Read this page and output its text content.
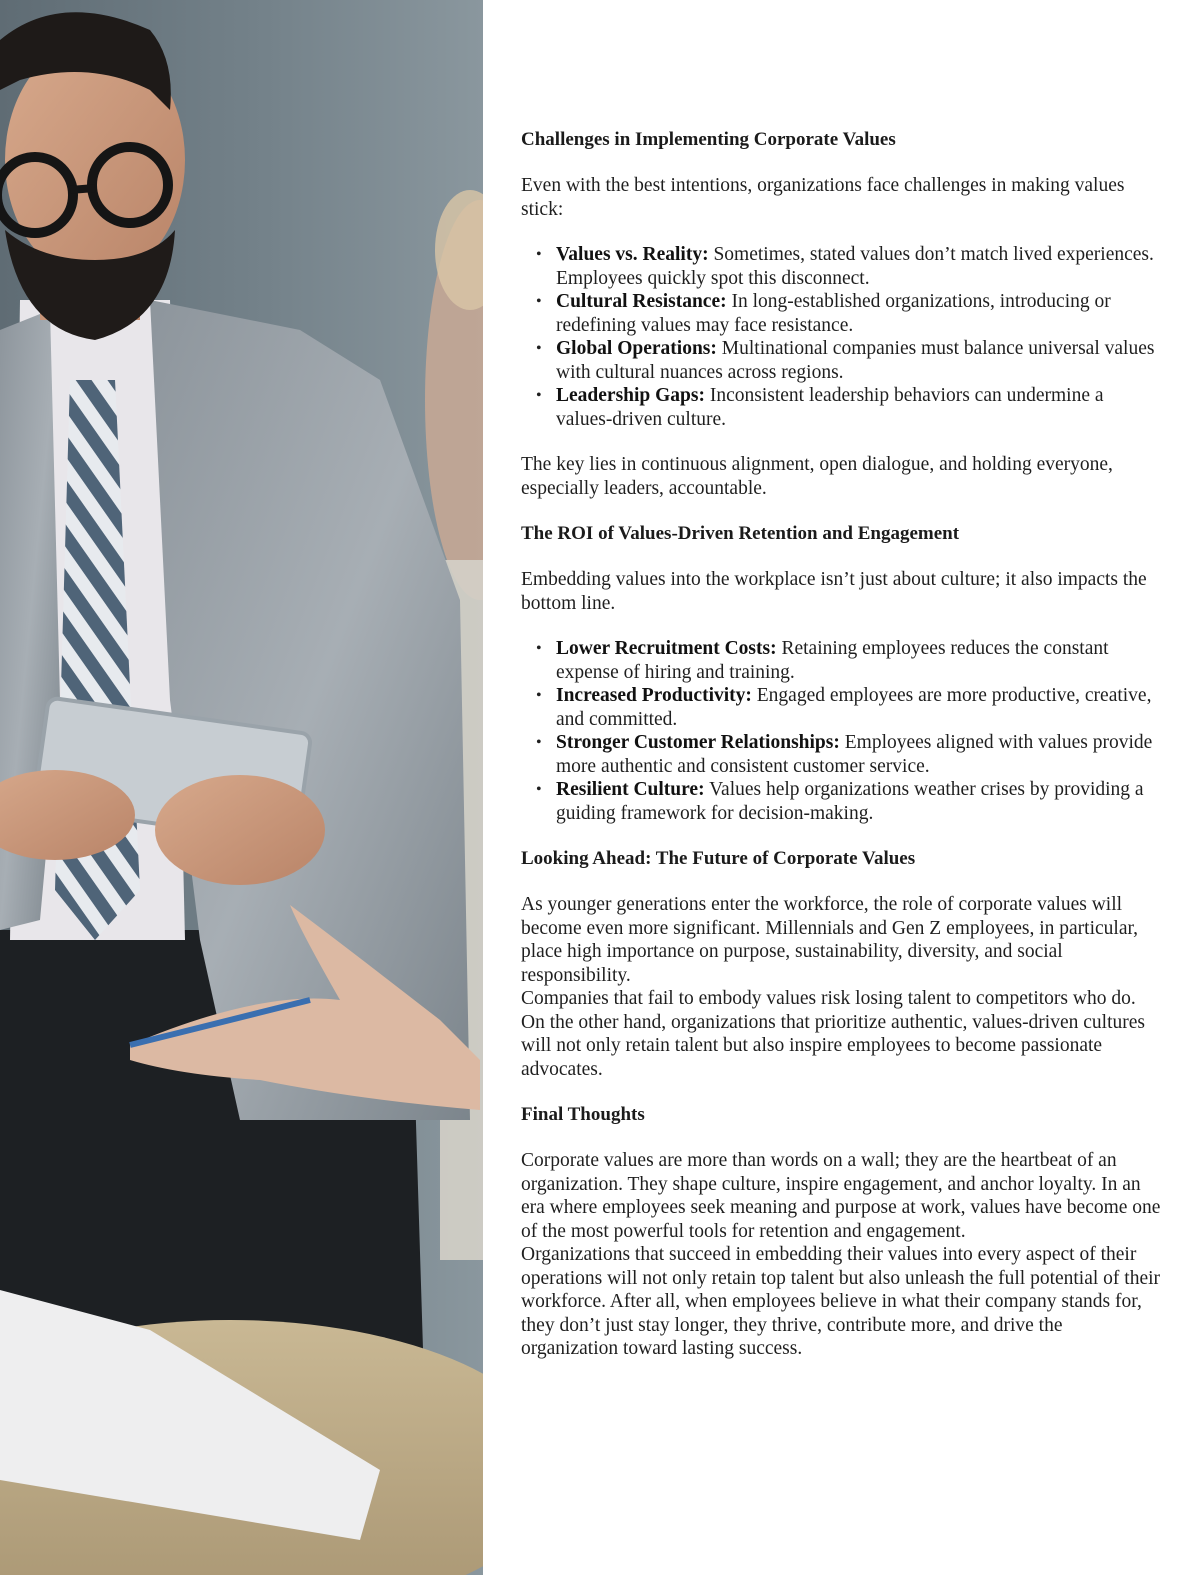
Challenges in Implementing Corporate Values

Even with the best intentions, organizations face challenges in making values stick:

• Values vs. Reality: Sometimes, stated values don’t match lived experiences. Employees quickly spot this disconnect.
• Cultural Resistance: In long-established organizations, introducing or redefining values may face resistance.
• Global Operations: Multinational companies must balance universal values with cultural nuances across regions.
• Leadership Gaps: Inconsistent leadership behaviors can undermine a values-driven culture.

The key lies in continuous alignment, open dialogue, and holding everyone, especially leaders, accountable.

The ROI of Values-Driven Retention and Engagement

Embedding values into the workplace isn’t just about culture; it also impacts the bottom line.

• Lower Recruitment Costs: Retaining employees reduces the constant expense of hiring and training.
• Increased Productivity: Engaged employees are more productive, creative, and committed.
• Stronger Customer Relationships: Employees aligned with values provide more authentic and consistent customer service.
• Resilient Culture: Values help organizations weather crises by providing a guiding framework for decision-making.
Looking Ahead: The Future of Corporate Values

As younger generations enter the workforce, the role of corporate values will become even more significant. Millennials and Gen Z employees, in particular, place high importance on purpose, sustainability, diversity, and social responsibility.

Companies that fail to embody values risk losing talent to competitors who do. On the other hand, organizations that prioritize authentic, values-driven cultures will not only retain talent but also inspire employees to become passionate advocates.

Final Thoughts

Corporate values are more than words on a wall; they are the heartbeat of an organization. They shape culture, inspire engagement, and anchor loyalty. In an era where employees seek meaning and purpose at work, values have become one of the most powerful tools for retention and engagement.

Organizations that succeed in embedding their values into every aspect of their operations will not only retain top talent but also unleash the full potential of their workforce. After all, when employees believe in what their company stands for, they don’t just stay longer, they thrive, contribute more, and drive the organization toward lasting success.
